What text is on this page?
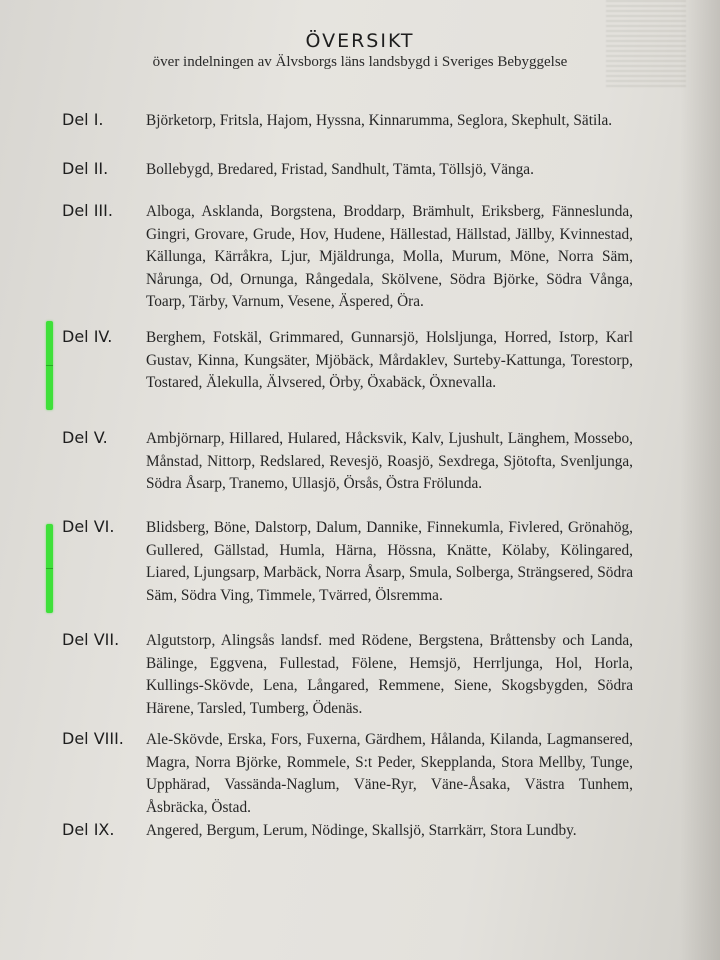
ÖVERSIKT
över indelningen av Älvsborgs läns landsbygd i Sveriges Bebyggelse
Del I.	Björketorp, Fritsla, Hajom, Hyssna, Kinnarumma, Seglora, Skephult, Sätila.
Del II. Bollebygd, Bredared, Fristad, Sandhult, Tämta, Töllsjö, Vänga.
Del III. Alboga, Asklanda, Borgstena, Broddarp, Brämhult, Eriksberg, Fänneslunda, Gingri, Grovare, Grude, Hov, Hudene, Hällestad, Hällstad, Jällby, Kvinnestad, Källunga, Kärråkra, Ljur, Mjäldrunga, Molla, Murum, Möne, Norra Säm, Nårunga, Od, Ornunga, Rångedala, Skölvene, Södra Björke, Södra Vånga, Toarp, Tärby, Varnum, Vesene, Äspered, Öra.
Del IV. Berghem, Fotskäl, Grimmared, Gunnarsjö, Holsljunga, Horred, Istorp, Karl Gustav, Kinna, Kungsäter, Mjöbäck, Mårdaklev, Surteby-Kattunga, Torestorp, Tostared, Älekulla, Älvsered, Örby, Öxabäck, Öxnevalla.
Del V.	Ambjörnarp, Hillared, Hulared, Håcksvik, Kalv, Ljushult, Länghem, Mossebo, Månstad, Nittorp, Redslared, Revesjö, Roasjö, Sexdrega, Sjötofta, Svenljunga, Södra Åsarp, Tranemo, Ullasjö, Örsås, Östra Frölunda.
Del VI. Blidsberg, Böne, Dalstorp, Dalum, Dannike, Finnekumla, Fivlered, Grönahög, Gullered, Gällstad, Humla, Härna, Hössna, Knätte, Kölaby, Kölingared, Liared, Ljungsarp, Marbäck, Norra Åsarp, Smula, Solberga, Strängsered, Södra Säm, Södra Ving, Timmele, Tvärred, Ölsremma.
Del VII. Algutstorp, Alingsås landsf. med Rödene, Bergstena, Bråttensby och Landa, Bälinge, Eggvena, Fullestad, Fölene, Hemsjö, Herrljunga, Hol, Horla, Kullings-Skövde, Lena, Långared, Remmene, Siene, Skogsbygden, Södra Härene, Tarsled, Tumberg, Ödenäs.
Del VIII. Ale-Skövde, Erska, Fors, Fuxerna, Gärdhem, Hålanda, Kilanda, Lagmansered, Magra, Norra Björke, Rommele, S:t Peder, Skepplanda, Stora Mellby, Tunge, Upphärad, Vassända-Naglum, Väne-Ryr, Väne-Åsaka, Västra Tunhem, Åsbräcka, Östad.
Del IX. Angered, Bergum, Lerum, Nödinge, Skallsjö, Starrkärr, Stora Lundby.
